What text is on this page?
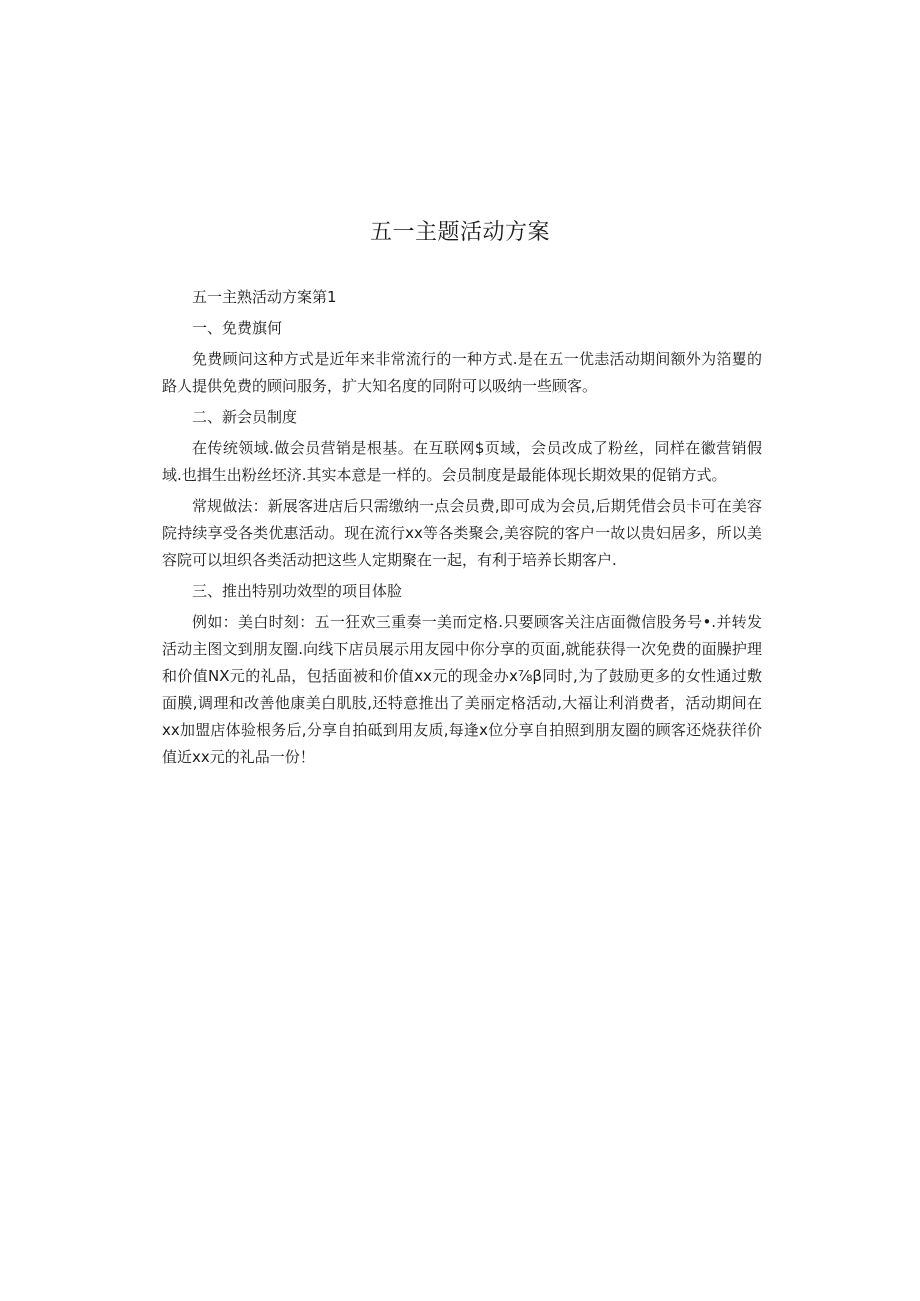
五一主题活动方案
五一主熟活动方案第1
一、免费旗何
免费顾问这种方式是近年来非常流行的一种方式.是在五一优恚活动期间额外为箔矍的路人提供免费的顾问服务，扩大知名度的同附可以吸纳一些顾客。
二、新会员制度
在传统领域.做会员营销是根基。在互联网$页域，会员改成了粉丝，同样在徽营销假域.也揖生出粉丝坯济.其实本意是一样的。会员制度是最能体现长期效果的促销方式。
常规做法：新展客进店后只需缴纳一点会员费,即可成为会员,后期凭借会员卡可在美容院持续享受各类优惠活动。现在流行xx等各类聚会,美容院的客户一故以贵妇居多，所以美容院可以坦织各类活动把这些人定期聚在一起，有利于培养长期客户.
三、推出特别功效型的项目体脸
例如：美白时刻：五一狂欢三重奏一美而定格.只要顾客关注店面微信股务号•.并转发活动主图文到朋友圈.向线下店员展示用友园中你分享的页面,就能获得一次免费的面臊护理和价值NX元的礼品，包括面被和价值xx元的现金办x⅞β同时,为了鼓励更多的女性通过敷面膜,调理和改善他康美白肌肢,还特意推出了美丽定格活动,大福让利消费者，活动期间在xx加盟店体验根务后,分享自拍砥到用友质,每逢x位分享自拍照到朋友圈的顾客还烧获徉价值近xx元的礼品一份！
